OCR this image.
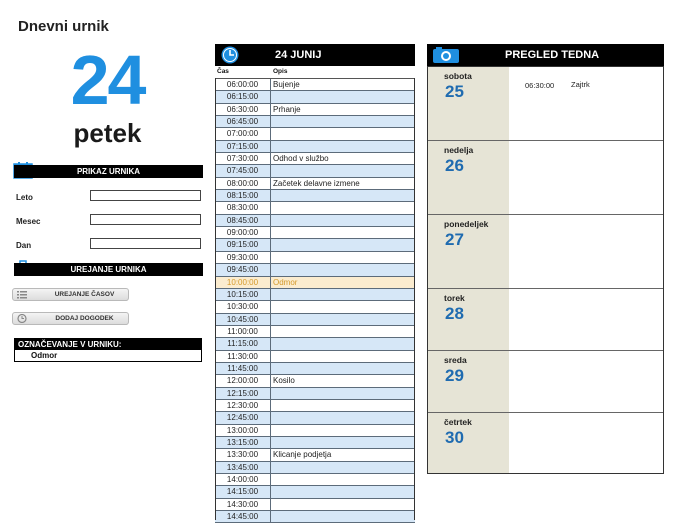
Dnevni urnik
24
petek
PRIKAZ URNIKA
Leto
Mesec
Dan
UREJANJE URNIKA
UREJANJE ČASOV
DODAJ DOGODEK
OZNAČEVANJE V URNIKU:
Odmor
24 JUNIJ
Čas	Opis
06:00:00	Bujenje
06:15:00
06:30:00	Prhanje
06:45:00
07:00:00
07:15:00
07:30:00	Odhod v službo
07:45:00
08:00:00	Začetek delavne izmene
08:15:00
08:30:00
08:45:00
09:00:00
09:15:00
09:30:00
09:45:00
10:00:00	Odmor
10:15:00
10:30:00
10:45:00
11:00:00
11:15:00
11:30:00
11:45:00
12:00:00	Kosilo
12:15:00
12:30:00
12:45:00
13:00:00
13:15:00
13:30:00	Klicanje podjetja
13:45:00
14:00:00
14:15:00
14:30:00
14:45:00
PREGLED TEDNA
sobota
25	06:30:00 Zajtrk
nedelja
26
ponedeljek
27
torek
28
sreda
29
četrtek
30
